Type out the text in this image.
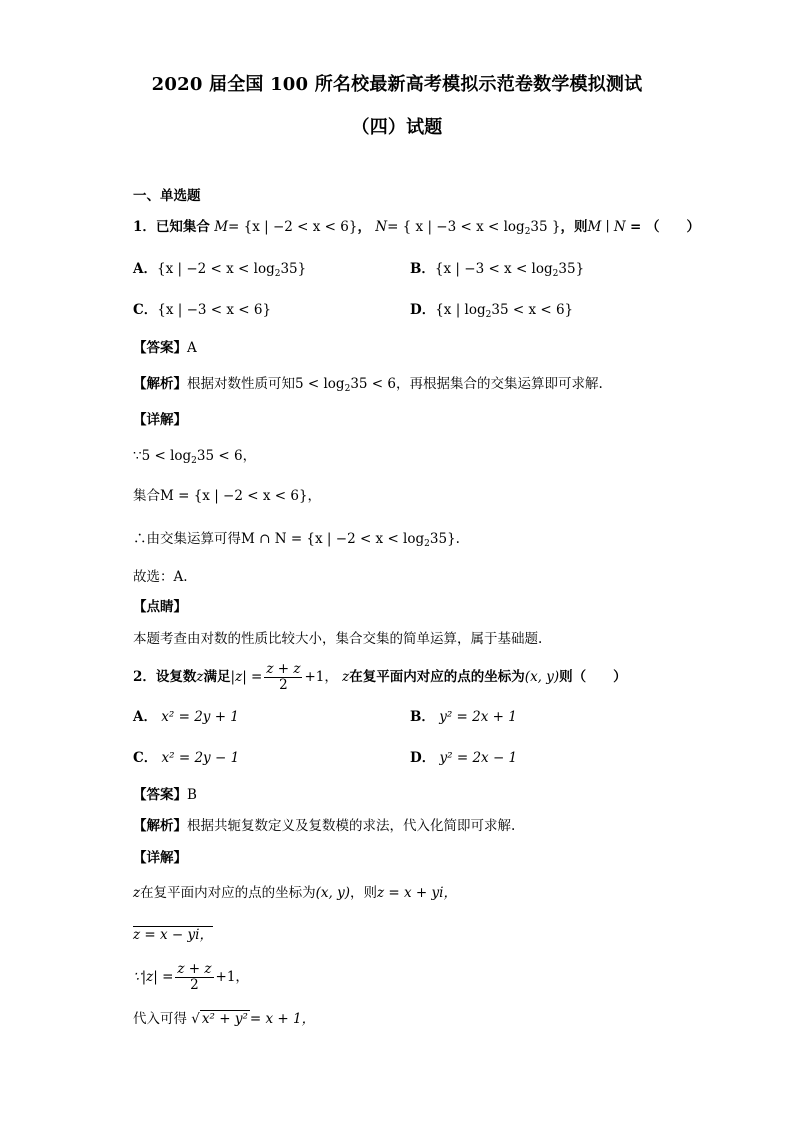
2020 届全国 100 所名校最新高考模拟示范卷数学模拟测试
（四）试题
一、单选题
1．已知集合 M= {x | −2 < x < 6}， N= { x | $-3 < x < \log_235$ }，则M ∣ N = （　　）
A．{x | $-2 < x < \log_235$}	B．{x | $-3 < x < \log_235$}
C．{x | −3 < x < 6}	D．{x | $\log_235 < x < 6$}
【答案】A
【解析】根据对数性质可知$5 < \log_235 < 6$，再根据集合的交集运算即可求解.
【详解】
∵5 < $\log_235 < 6$，
集合M = {x | −2 < x < 6}，
∴由交集运算可得M ∩ N = {x | $-2 < x < \log_235$}.
故选：A.
【点睛】
本题考查由对数的性质比较大小，集合交集的简单运算，属于基础题.
2．设复数z满足$|z| = \frac{z + z}{2} +1$， z在复平面内对应的点的坐标为(x, y)则（　　）
A． x² = 2y + 1	B． y² = 2x + 1
C． x² = 2y − 1	D． y² = 2x − 1
【答案】B
【解析】根据共轭复数定义及复数模的求法，代入化简即可求解.
【详解】
z在复平面内对应的点的坐标为(x, y)，则z = x + yi，
z = x − yi，
∵|z| = $\frac{z + z}{2} +1$，
代入可得 √ x² + y² = x + 1，
